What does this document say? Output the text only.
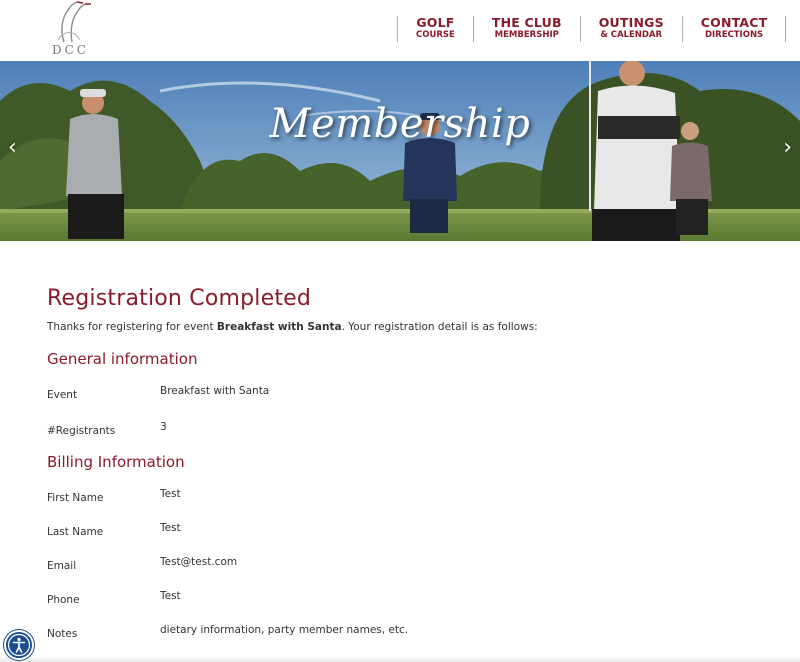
DCC
GOLF
COURSE
THE CLUB
MEMBERSHIP
OUTINGS
& CALENDAR
CONTACT
DIRECTIONS
Membership
‹	›
Registration Completed

Thanks for registering for event Breakfast with Santa. Your registration detail is as follows:

General information
Event	Breakfast with Santa
#Registrants	3
Billing Information
First Name	Test
Last Name	Test
Email	Test@test.com
Phone	Test
Notes	dietary information, party member names, etc.
